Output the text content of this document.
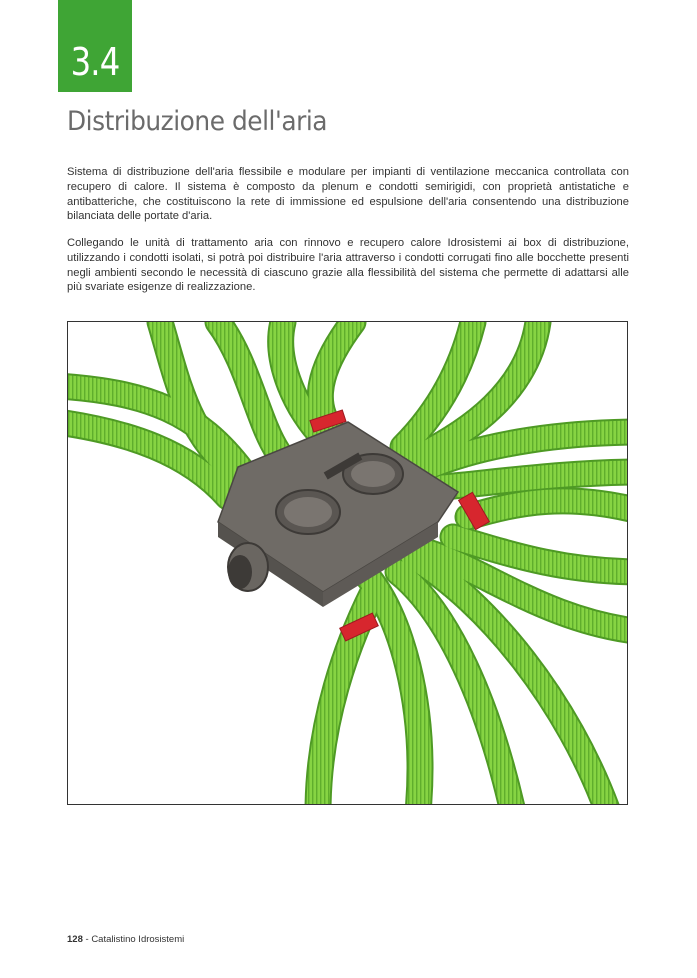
3.4
Distribuzione dell'aria

Sistema di distribuzione dell'aria flessibile e modulare per impianti di ventilazione meccanica controllata con recupero di calore. Il sistema è composto da plenum e condotti semirigidi, con proprietà antistatiche e antibatteriche, che costituiscono la rete di immissione ed espulsione dell'aria consentendo una distribuzione bilanciata delle portate d'aria.

Collegando le unità di trattamento aria con rinnovo e recupero calore Idrosistemi ai box di distribuzione, utilizzando i condotti isolati, si potrà poi distribuire l'aria attraverso i condotti corrugati fino alle bocchette presenti negli ambienti secondo le necessità di ciascuno grazie alla flessibilità del sistema che permette di adattarsi alle più svariate esigenze di realizzazione.

128 - Catalistino Idrosistemi
